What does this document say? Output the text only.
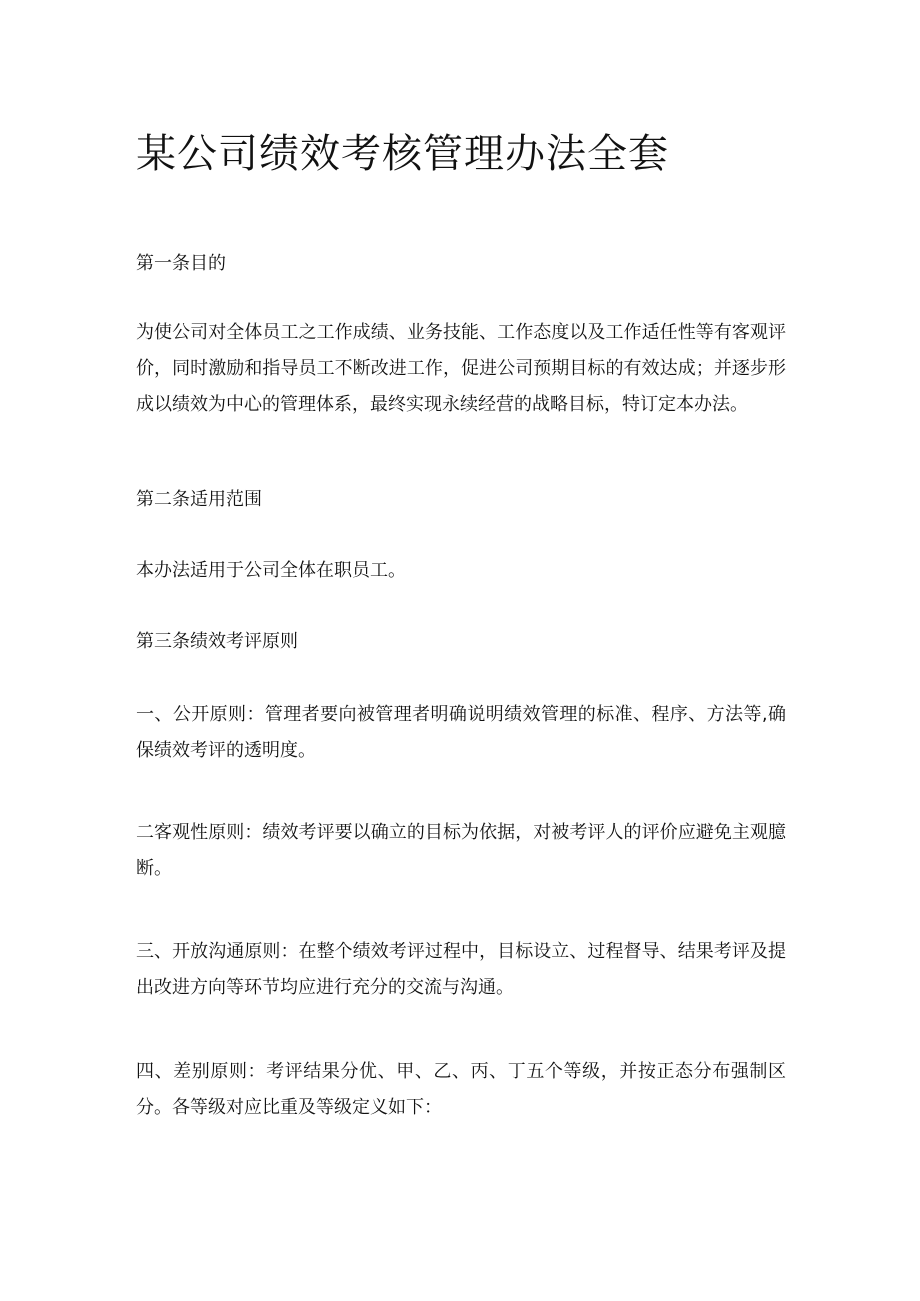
某公司绩效考核管理办法全套

第一条目的

为使公司对全体员工之工作成绩、业务技能、工作态度以及工作适任性等有客观评价，同时激励和指导员工不断改进工作，促进公司预期目标的有效达成；并逐步形成以绩效为中心的管理体系，最终实现永续经营的战略目标，特订定本办法。

第二条适用范围

本办法适用于公司全体在职员工。

第三条绩效考评原则

一、公开原则：管理者要向被管理者明确说明绩效管理的标准、程序、方法等,确保绩效考评的透明度。

二客观性原则：绩效考评要以确立的目标为依据，对被考评人的评价应避免主观臆断。

三、开放沟通原则：在整个绩效考评过程中，目标设立、过程督导、结果考评及提出改进方向等环节均应进行充分的交流与沟通。

四、差别原则：考评结果分优、甲、乙、丙、丁五个等级，并按正态分布强制区分。各等级对应比重及等级定义如下：
